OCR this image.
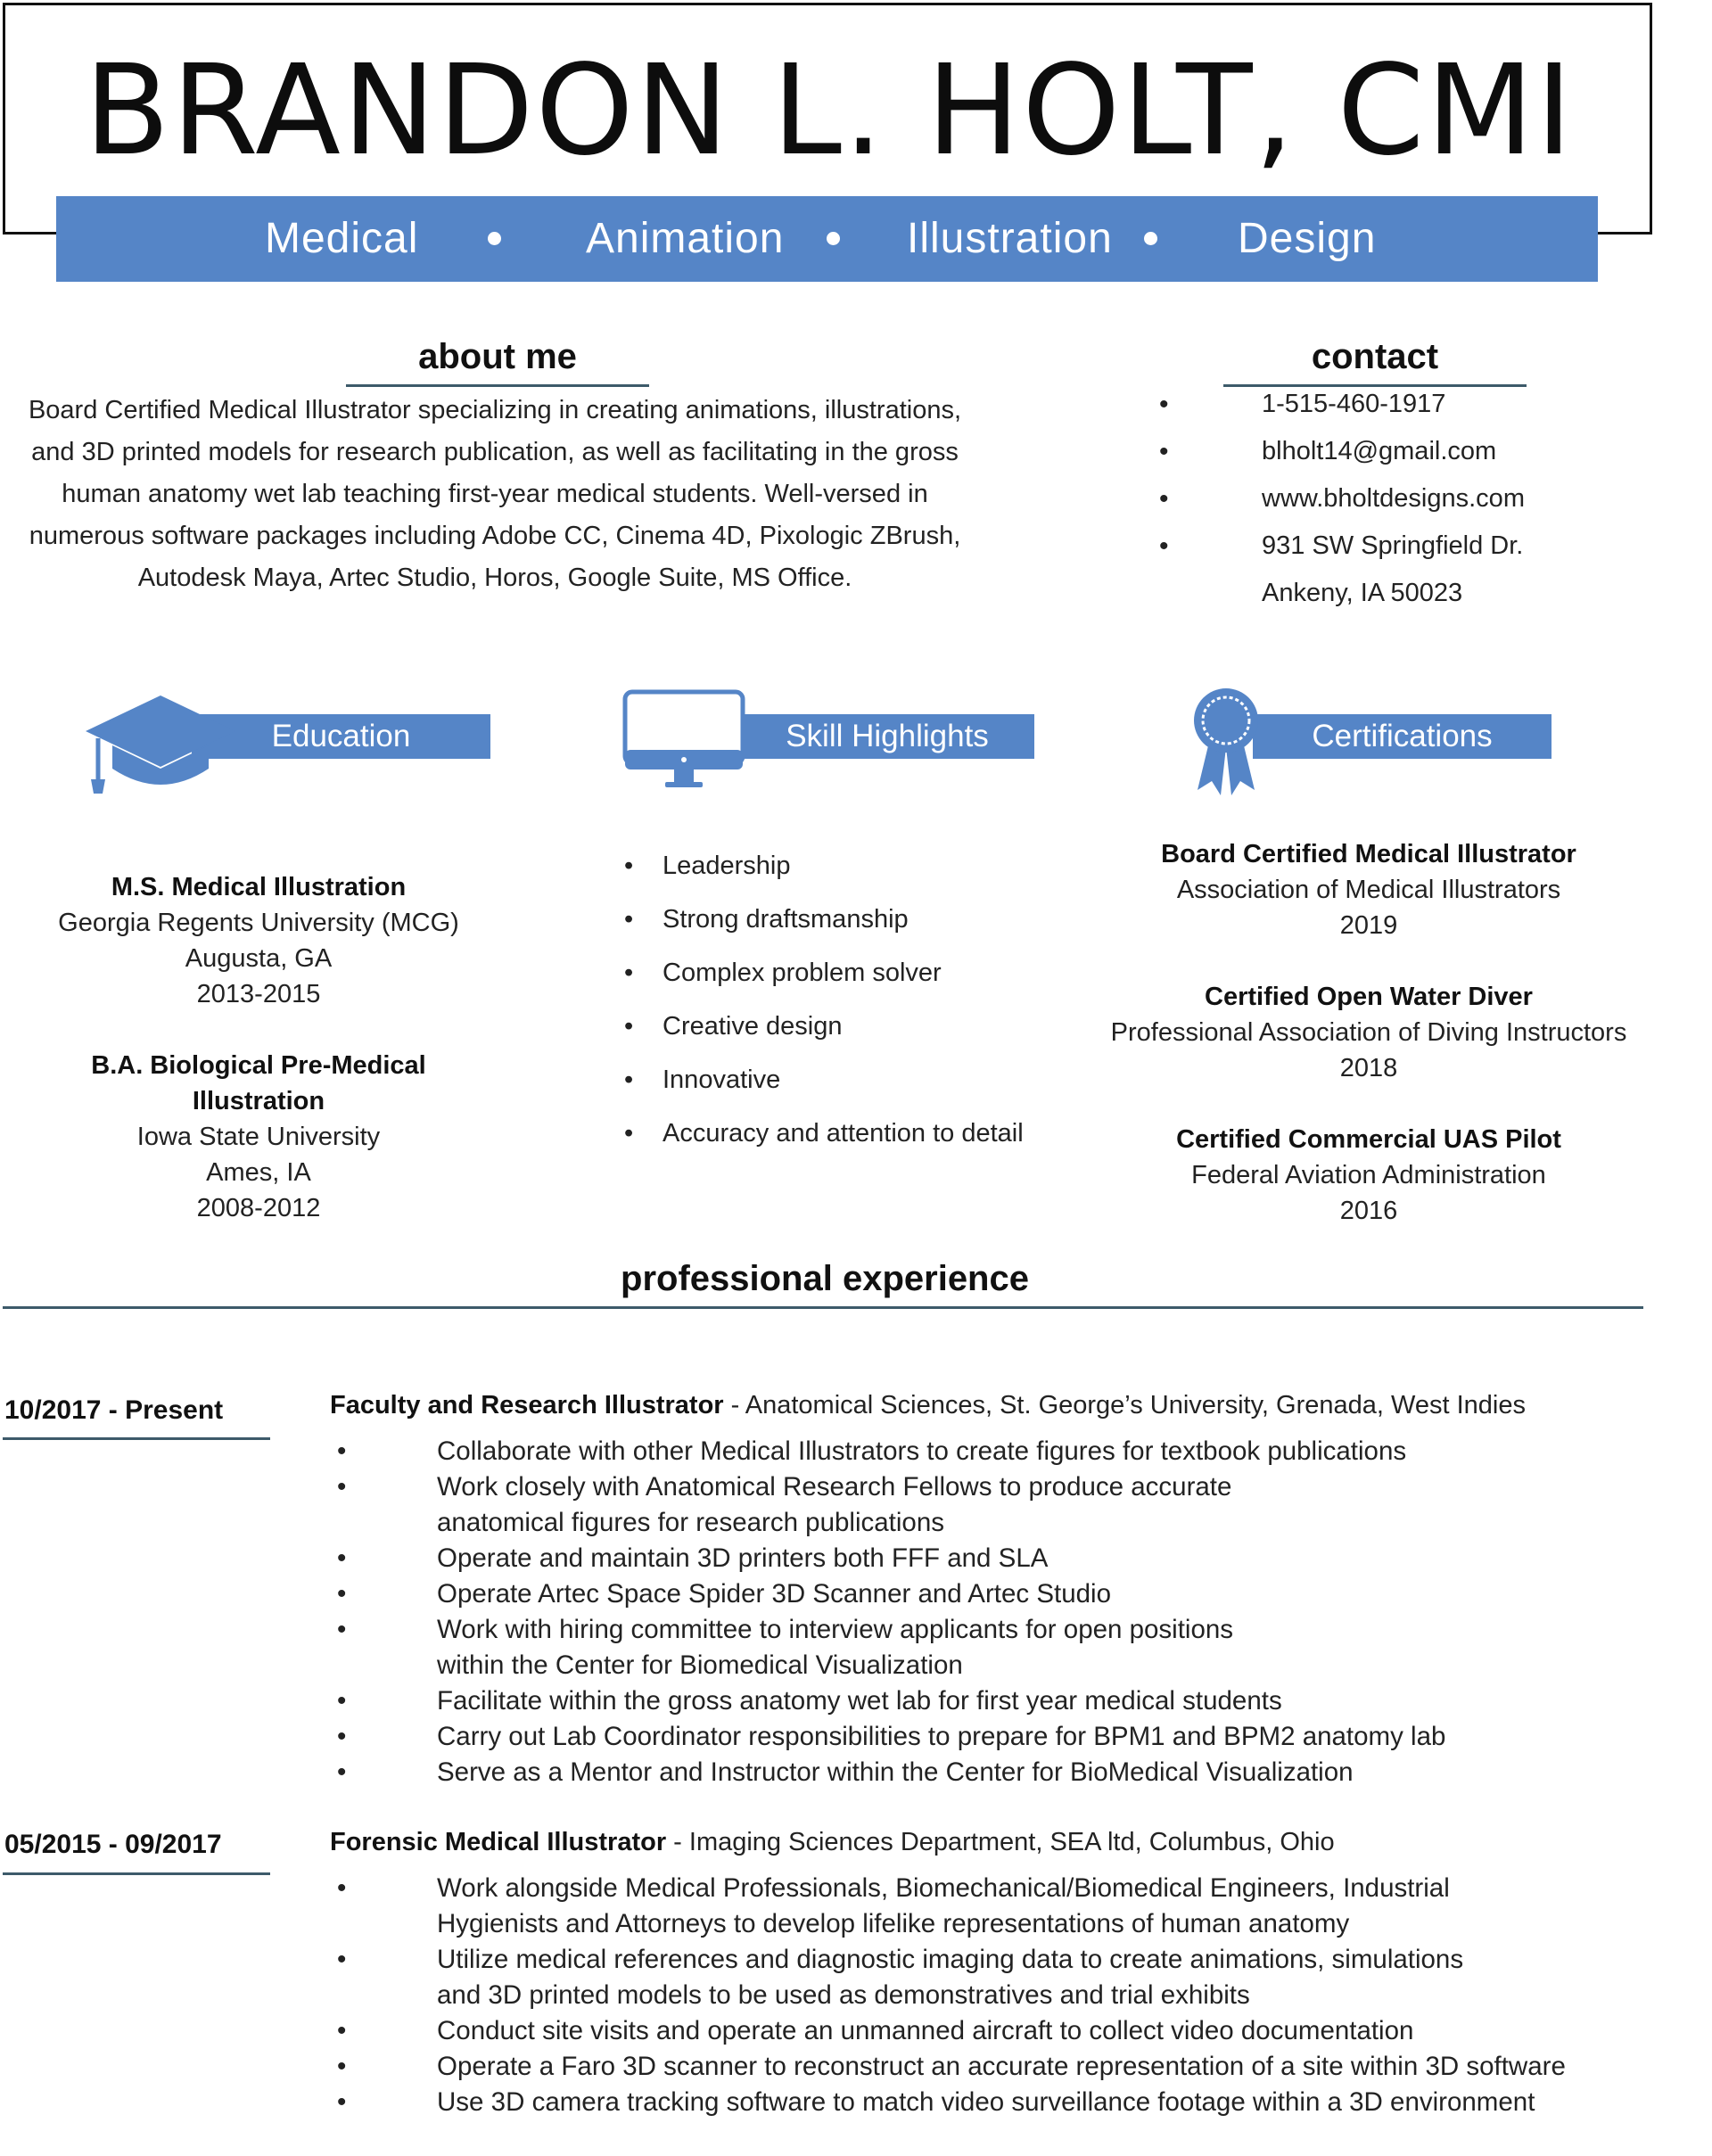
BRANDON L. HOLT, CMI
Medical	Animation	Illustration	Design
about me
Board Certified Medical Illustrator specializing in creating animations, illustrations, and 3D printed models for research publication, as well as facilitating in the gross human anatomy wet lab teaching first-year medical students. Well-versed in numerous software packages including Adobe CC, Cinema 4D, Pixologic ZBrush, Autodesk Maya, Artec Studio, Horos, Google Suite, MS Office.
contact
•	1-515-460-1917
•	blholt14@gmail.com
•	www.bholtdesigns.com
•	931 SW Springfield Dr.
Ankeny, IA 50023
Education	Skill Highlights	Certifications
M.S. Medical Illustration
Georgia Regents University (MCG)
Augusta, GA
2013-2015
B.A. Biological Pre-Medical Illustration
Iowa State University
Ames, IA
2008-2012
• Leadership
• Strong draftsmanship
• Complex problem solver
• Creative design
• Innovative
• Accuracy and attention to detail
Board Certified Medical Illustrator
Association of Medical Illustrators
2019
Certified Open Water Diver
Professional Association of Diving Instructors
2018
Certified Commercial UAS Pilot
Federal Aviation Administration
2016
professional experience
10/2017 - Present	Faculty and Research Illustrator - Anatomical Sciences, St. George’s University, Grenada, West Indies
•	Collaborate with other Medical Illustrators to create figures for textbook publications
•	Work closely with Anatomical Research Fellows to produce accurate anatomical figures for research publications
•	Operate and maintain 3D printers both FFF and SLA
•	Operate Artec Space Spider 3D Scanner and Artec Studio
•	Work with hiring committee to interview applicants for open positions within the Center for Biomedical Visualization
•	Facilitate within the gross anatomy wet lab for first year medical students
•	Carry out Lab Coordinator responsibilities to prepare for BPM1 and BPM2 anatomy lab
•	Serve as a Mentor and Instructor within the Center for BioMedical Visualization
05/2015 - 09/2017	Forensic Medical Illustrator - Imaging Sciences Department, SEA ltd, Columbus, Ohio
•	Work alongside Medical Professionals, Biomechanical/Biomedical Engineers, Industrial Hygienists and Attorneys to develop lifelike representations of human anatomy
•	Utilize medical references and diagnostic imaging data to create animations, simulations and 3D printed models to be used as demonstratives and trial exhibits
•	Conduct site visits and operate an unmanned aircraft to collect video documentation
•	Operate a Faro 3D scanner to reconstruct an accurate representation of a site within 3D software
•	Use 3D camera tracking software to match video surveillance footage within a 3D environment
